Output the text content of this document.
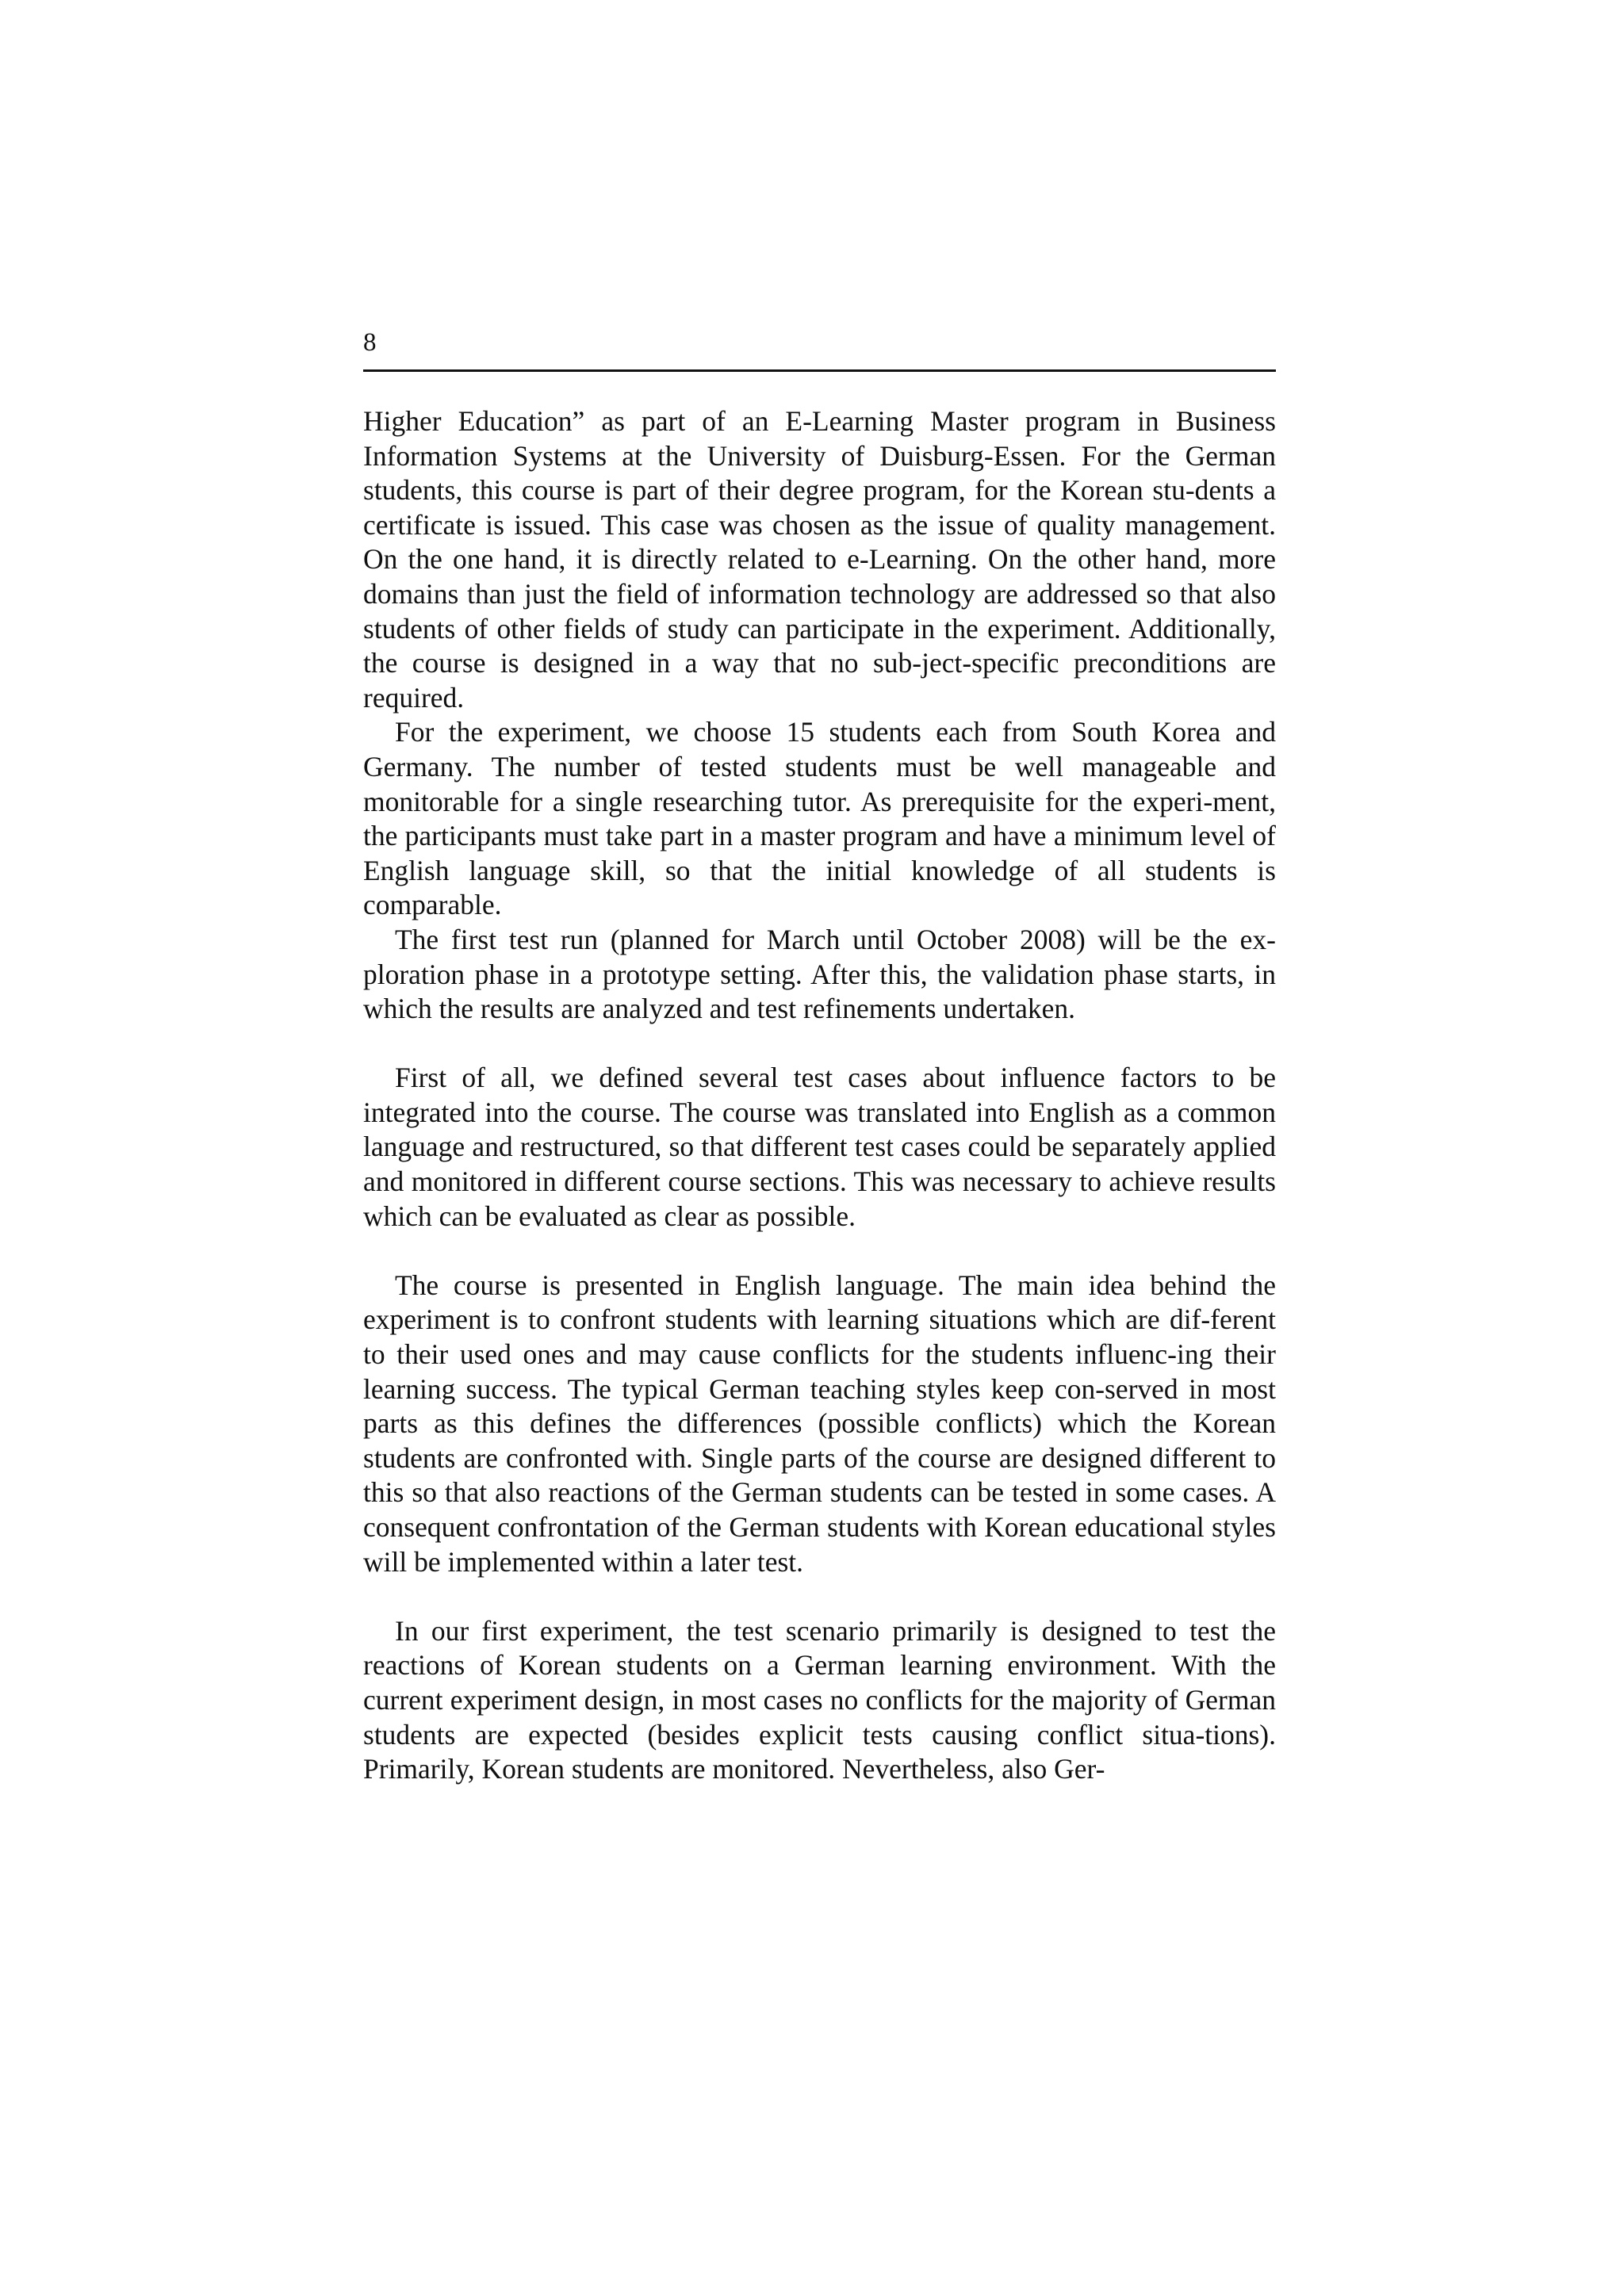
8

Higher Education” as part of an E-Learning Master program in Business Information Systems at the University of Duisburg-Essen. For the German students, this course is part of their degree program, for the Korean stu-dents a certificate is issued. This case was chosen as the issue of quality management. On the one hand, it is directly related to e-Learning. On the other hand, more domains than just the field of information technology are addressed so that also students of other fields of study can participate in the experiment. Additionally, the course is designed in a way that no sub-ject-specific preconditions are required.

For the experiment, we choose 15 students each from South Korea and Germany. The number of tested students must be well manageable and monitorable for a single researching tutor. As prerequisite for the experi-ment, the participants must take part in a master program and have a minimum level of English language skill, so that the initial knowledge of all students is comparable.

The first test run (planned for March until October 2008) will be the ex-ploration phase in a prototype setting. After this, the validation phase starts, in which the results are analyzed and test refinements undertaken.

First of all, we defined several test cases about influence factors to be integrated into the course. The course was translated into English as a common language and restructured, so that different test cases could be separately applied and monitored in different course sections. This was necessary to achieve results which can be evaluated as clear as possible.

The course is presented in English language. The main idea behind the experiment is to confront students with learning situations which are dif-ferent to their used ones and may cause conflicts for the students influenc-ing their learning success. The typical German teaching styles keep con-served in most parts as this defines the differences (possible conflicts) which the Korean students are confronted with. Single parts of the course are designed different to this so that also reactions of the German students can be tested in some cases. A consequent confrontation of the German students with Korean educational styles will be implemented within a later test.

In our first experiment, the test scenario primarily is designed to test the reactions of Korean students on a German learning environment. With the current experiment design, in most cases no conflicts for the majority of German students are expected (besides explicit tests causing conflict situa-tions). Primarily, Korean students are monitored. Nevertheless, also Ger-
